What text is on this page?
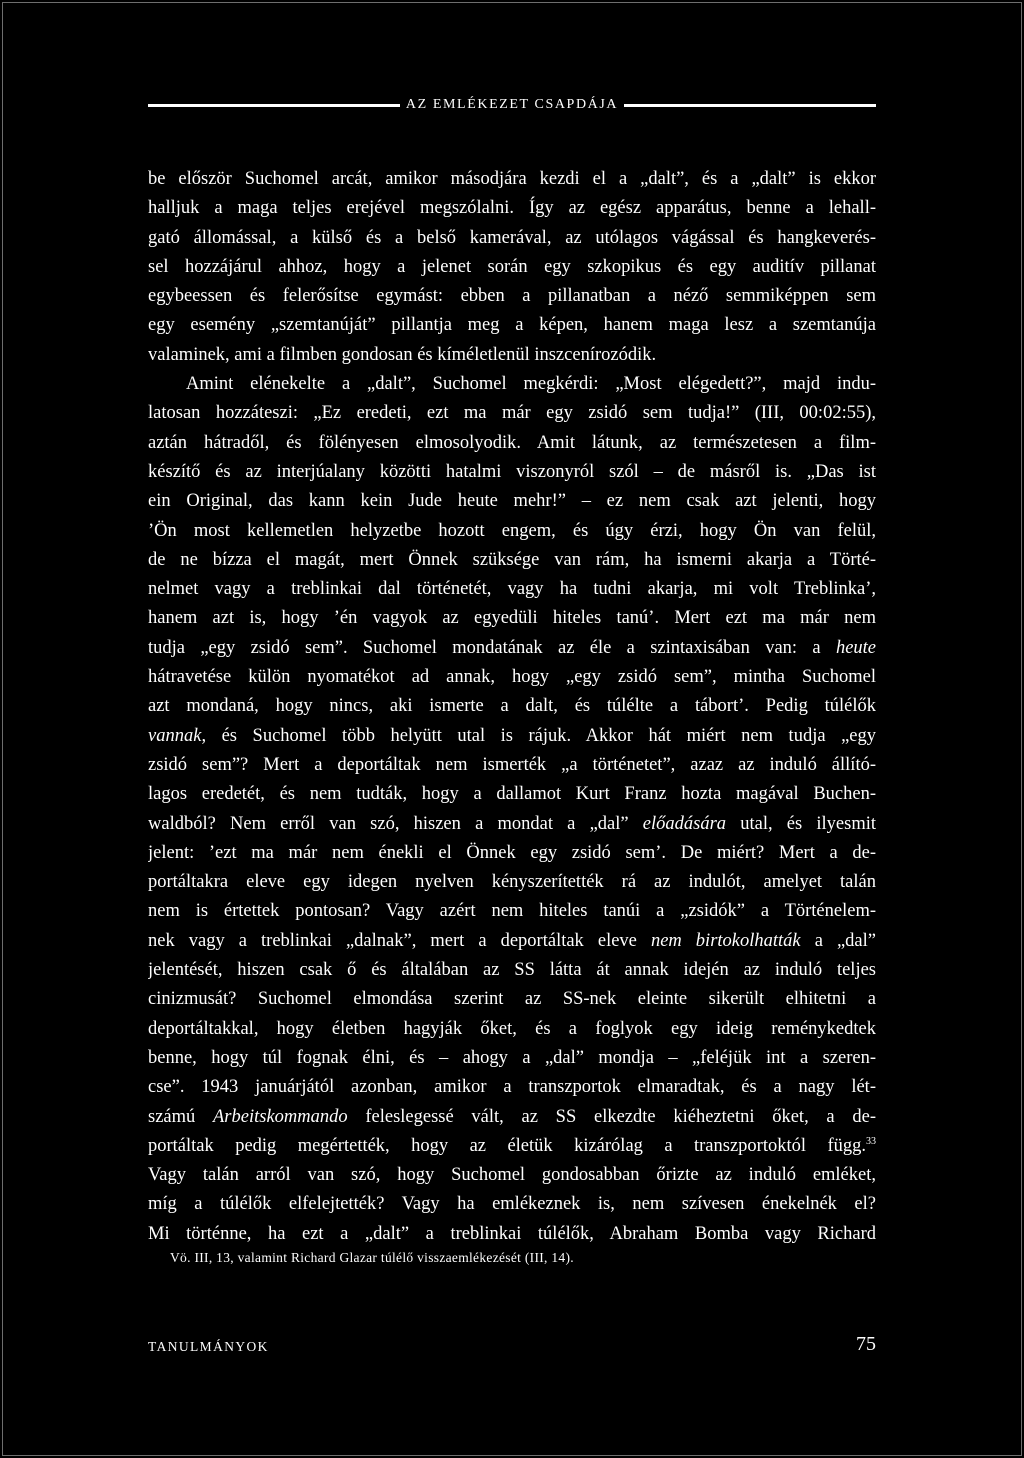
AZ EMLÉKEZET CSAPDÁJA
be először Suchomel arcát, amikor másodjára kezdi el a „dalt”, és a „dalt” is ekkor
halljuk a maga teljes erejével megszólalni. Így az egész apparátus, benne a lehall-
gató állomással, a külső és a belső kamerával, az utólagos vágással és hangkeverés-
sel hozzájárul ahhoz, hogy a jelenet során egy szkopikus és egy auditív pillanat
egybeessen és felerősítse egymást: ebben a pillanatban a néző semmiképpen sem
egy esemény „szemtanúját” pillantja meg a képen, hanem maga lesz a szemtanúja
valaminek, ami a filmben gondosan és kíméletlenül inszcenírozódik.
Amint elénekelte a „dalt”, Suchomel megkérdi: „Most elégedett?”, majd indu-
latosan hozzáteszi: „Ez eredeti, ezt ma már egy zsidó sem tudja!” (III, 00:02:55),
aztán hátradől, és fölényesen elmosolyodik. Amit látunk, az természetesen a film-
készítő és az interjúalany közötti hatalmi viszonyról szól – de másről is. „Das ist
ein Original, das kann kein Jude heute mehr!” – ez nem csak azt jelenti, hogy
’Ön most kellemetlen helyzetbe hozott engem, és úgy érzi, hogy Ön van felül,
de ne bízza el magát, mert Önnek szüksége van rám, ha ismerni akarja a Törté-
nelmet vagy a treblinkai dal történetét, vagy ha tudni akarja, mi volt Treblinka’,
hanem azt is, hogy ’én vagyok az egyedüli hiteles tanú’. Mert ezt ma már nem
tudja „egy zsidó sem”. Suchomel mondatának az éle a szintaxisában van: a heute
hátravetése külön nyomatékot ad annak, hogy „egy zsidó sem”, mintha Suchomel
azt mondaná, hogy nincs, aki ismerte a dalt, és túlélte a tábort’. Pedig túlélők
vannak, és Suchomel több helyütt utal is rájuk. Akkor hát miért nem tudja „egy
zsidó sem”? Mert a deportáltak nem ismerték „a történetet”, azaz az induló állító-
lagos eredetét, és nem tudták, hogy a dallamot Kurt Franz hozta magával Buchen-
waldból? Nem erről van szó, hiszen a mondat a „dal” előadására utal, és ilyesmit
jelent: ’ezt ma már nem énekli el Önnek egy zsidó sem’. De miért? Mert a de-
portáltakra eleve egy idegen nyelven kényszerítették rá az indulót, amelyet talán
nem is értettek pontosan? Vagy azért nem hiteles tanúi a „zsidók” a Történelem-
nek vagy a treblinkai „dalnak”, mert a deportáltak eleve nem birtokolhatták a „dal”
jelentését, hiszen csak ő és általában az SS látta át annak idején az induló teljes
cinizmusát? Suchomel elmondása szerint az SS-nek eleinte sikerült elhitetni a
deportáltakkal, hogy életben hagyják őket, és a foglyok egy ideig reménykedtek
benne, hogy túl fognak élni, és – ahogy a „dal” mondja – „feléjük int a szeren-
cse”. 1943 januárjától azonban, amikor a transzportok elmaradtak, és a nagy lét-
számú Arbeitskommando feleslegessé vált, az SS elkezdte kiéheztetni őket, a de-
portáltak pedig megértették, hogy az életük kizárólag a transzportoktól függ.$^{33}$
Vagy talán arról van szó, hogy Suchomel gondosabban őrizte az induló emléket,
míg a túlélők elfelejtették? Vagy ha emlékeznek is, nem szívesen énekelnék el?
Mi történne, ha ezt a „dalt” a treblinkai túlélők, Abraham Bomba vagy Richard
Vö. III, 13, valamint Richard Glazar túlélő visszaemlékezését (III, 14).
TANULMÁNYOK	75
